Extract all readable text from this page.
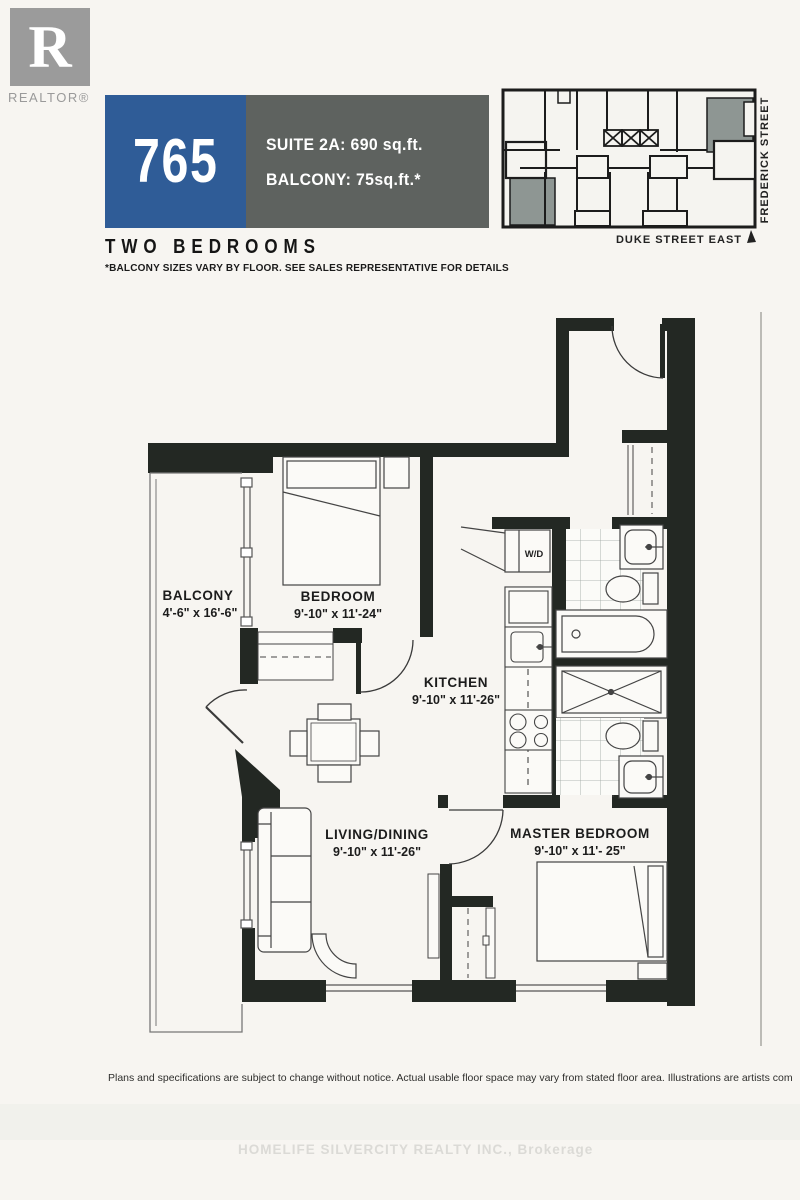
R
REALTOR®
765	SUITE 2A: 690 sq.ft.
BALCONY: 75sq.ft.*
TWO BEDROOMS
*BALCONY SIZES VARY BY FLOOR. SEE SALES REPRESENTATIVE FOR DETAILS
DUKE STREET EAST
FREDERICK STREET
W/D
BALCONY
4'-6" x 16'-6"
BEDROOM
9'-10" x 11'-24"
KITCHEN
9'-10" x 11'-26"
LIVING/DINING
9'-10" x 11'-26"
MASTER BEDROOM
9'-10" x 11'- 25"
Plans and specifications are subject to change without notice. Actual usable floor space may vary from stated floor area. Illustrations are artists com
HOMELIFE SILVERCITY REALTY INC., Brokerage
